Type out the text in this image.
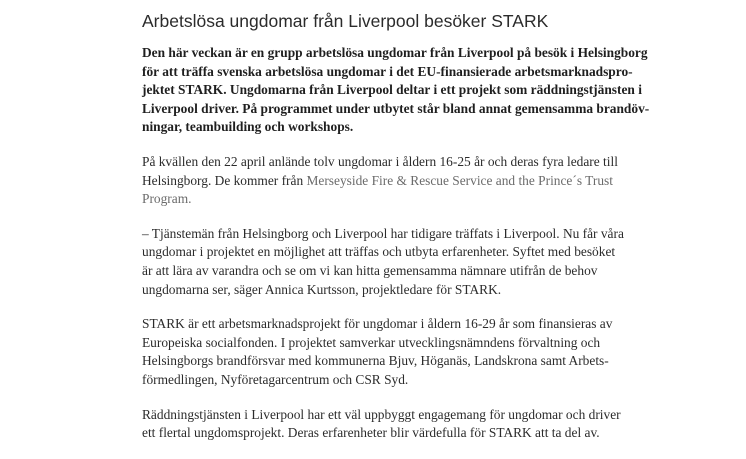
Arbetslösa ungdomar från Liverpool besöker STARK

Den här veckan är en grupp arbetslösa ungdomar från Liverpool på besök i Helsingborg
för att träffa svenska arbetslösa ungdomar i det EU-finansierade arbetsmarknadspro-
jektet STARK. Ungdomarna från Liverpool deltar i ett projekt som räddningstjänsten i
Liverpool driver. På programmet under utbytet står bland annat gemensamma brandöv-
ningar, teambuilding och workshops.

På kvällen den 22 april anlände tolv ungdomar i åldern 16-25 år och deras fyra ledare till
Helsingborg. De kommer från Merseyside Fire & Rescue Service and the Prince´s Trust
Program.

– Tjänstemän från Helsingborg och Liverpool har tidigare träffats i Liverpool. Nu får våra
ungdomar i projektet en möjlighet att träffas och utbyta erfarenheter. Syftet med besöket
är att lära av varandra och se om vi kan hitta gemensamma nämnare utifrån de behov
ungdomarna ser, säger Annica Kurtsson, projektledare för STARK.

STARK är ett arbetsmarknadsprojekt för ungdomar i åldern 16-29 år som finansieras av
Europeiska socialfonden. I projektet samverkar utvecklingsnämndens förvaltning och
Helsingborgs brandförsvar med kommunerna Bjuv, Höganäs, Landskrona samt Arbets-
förmedlingen, Nyföretagarcentrum och CSR Syd.

Räddningstjänsten i Liverpool har ett väl uppbyggt engagemang för ungdomar och driver
ett flertal ungdomsprojekt. Deras erfarenheter blir värdefulla för STARK att ta del av.
